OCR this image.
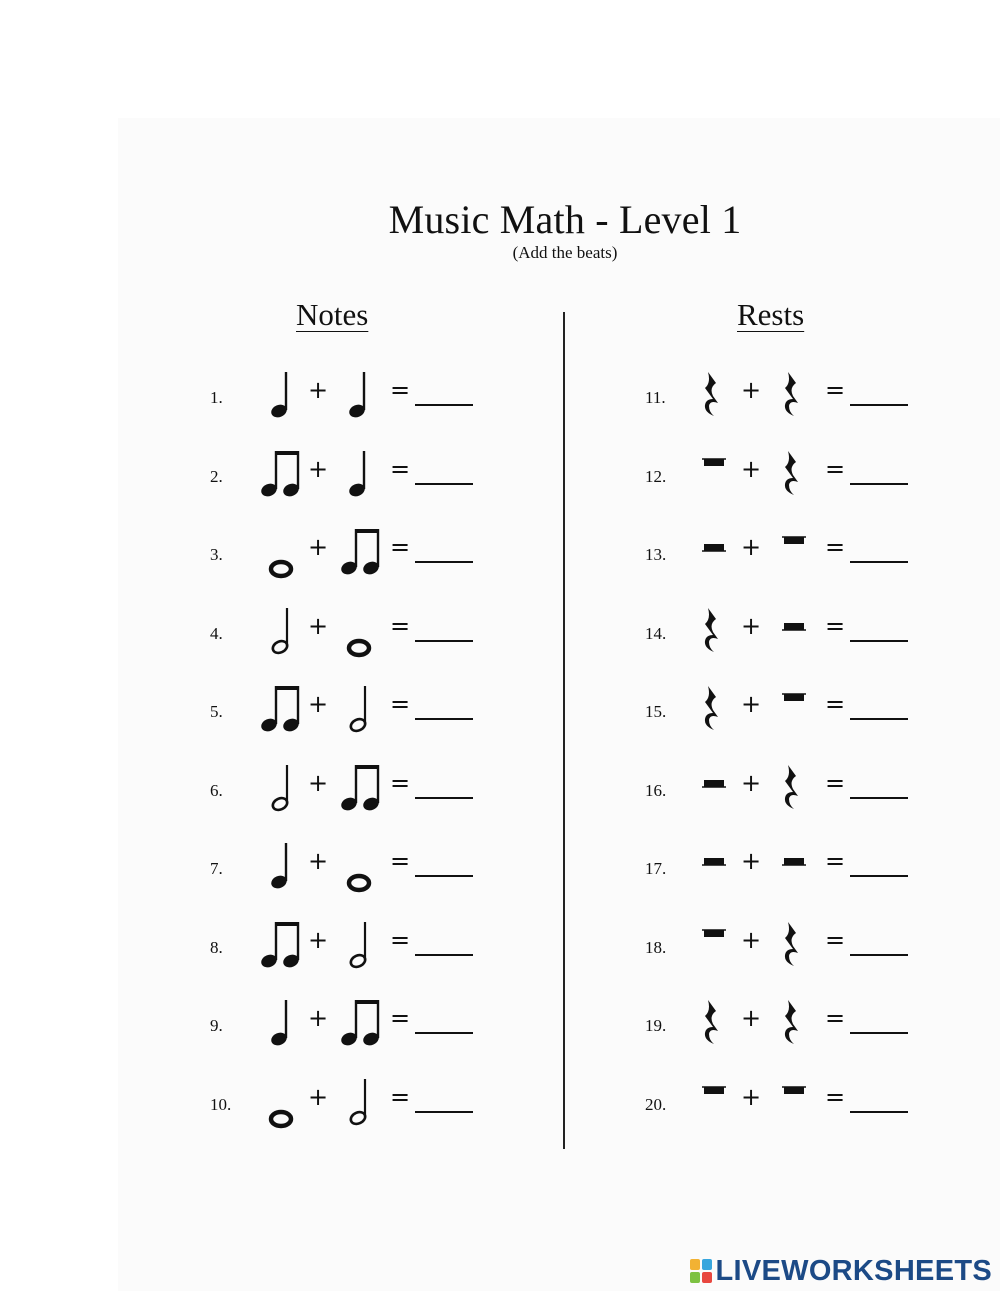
Music Math - Level 1
(Add the beats)
Notes	Rests
1.	+	=
2.	+	=
3.	+	=
4.	+	=
5.	+	=
6.	+	=
7.	+	=
8.	+	=
9.	+	=
10.	+	=
11.	+	=
12.	+	=
13.	+	=
14.	+	=
15.	+	=
16.	+	=
17.	+	=
18.	+	=
19.	+	=
20.	+	=
LIVEWORKSHEETS
